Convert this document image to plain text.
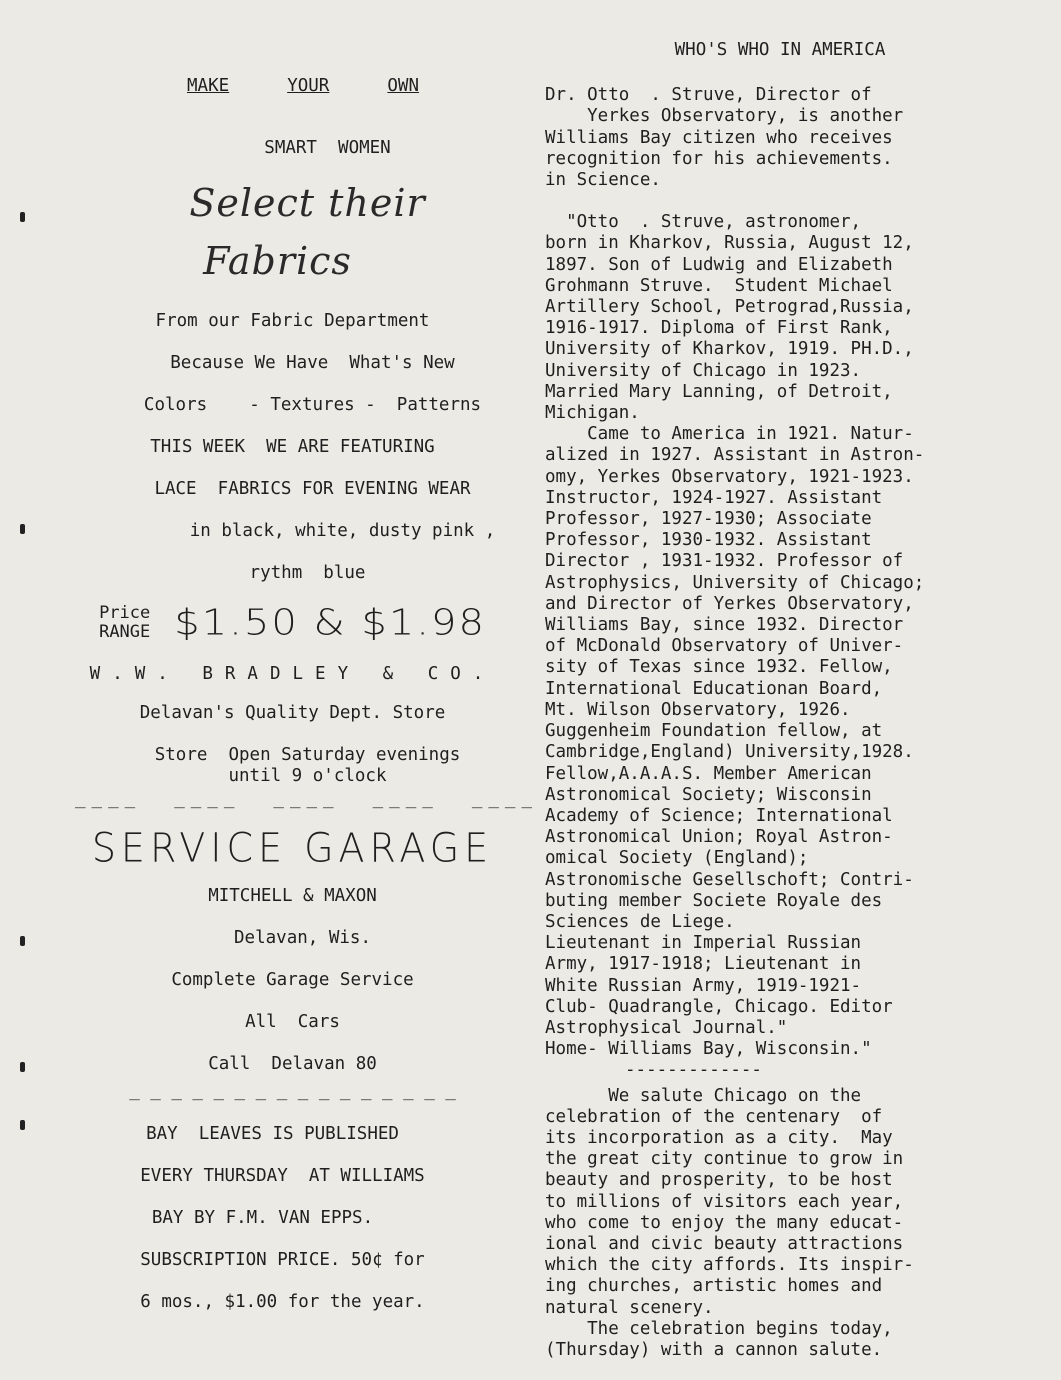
MAKE	YOUR	OWN
SMART  WOMEN
Select their
Fabrics
From our Fabric Department
Because We Have  What's New
Colors    - Textures -  Patterns
THIS WEEK  WE ARE FEATURING
LACE  FABRICS FOR EVENING WEAR
in black, white, dusty pink ,
rythm  blue
Price
RANGE $1.50 & $1.98
W.W. BRADLEY & CO.
Delavan's Quality Dept. Store
Store  Open Saturday evenings
until 9 o'clock
____  ____  ____  ____  ____
SERVICE GARAGE
MITCHELL & MAXON
Delavan, Wis.
Complete Garage Service
All  Cars
Call  Delavan 80
_ _ _ _ _ _ _ _ _ _ _ _ _ _ _ _
BAY  LEAVES IS PUBLISHED
EVERY THURSDAY  AT WILLIAMS
BAY BY F.M. VAN EPPS.
SUBSCRIPTION PRICE. 50¢ for
6 mos., $1.00 for the year.
WHO'S WHO IN AMERICA
Dr. Otto  . Struve, Director of
Yerkes Observatory, is another
Williams Bay citizen who receives
recognition for his achievements.
in Science.
"Otto  . Struve, astronomer,
born in Kharkov, Russia, August 12,
1897. Son of Ludwig and Elizabeth
Grohmann Struve.  Student Michael
Artillery School, Petrograd,Russia,
1916-1917. Diploma of First Rank,
University of Kharkov, 1919. PH.D.,
University of Chicago in 1923.
Married Mary Lanning, of Detroit,
Michigan.
Came to America in 1921. Natur-
alized in 1927. Assistant in Astron-
omy, Yerkes Observatory, 1921-1923.
Instructor, 1924-1927. Assistant
Professor, 1927-1930; Associate
Professor, 1930-1932. Assistant
Director , 1931-1932. Professor of
Astrophysics, University of Chicago;
and Director of Yerkes Observatory,
Williams Bay, since 1932. Director
of McDonald Observatory of Univer-
sity of Texas since 1932. Fellow,
International Educationan Board,
Mt. Wilson Observatory, 1926.
Guggenheim Foundation fellow, at
Cambridge,England) University,1928.
Fellow,A.A.A.S. Member American
Astronomical Society; Wisconsin
Academy of Science; International
Astronomical Union; Royal Astron-
omical Society (England);
Astronomische Gesellschoft; Contri-
buting member Societe Royale des
Sciences de Liege.
Lieutenant in Imperial Russian
Army, 1917-1918; Lieutenant in
White Russian Army, 1919-1921-
Club- Quadrangle, Chicago. Editor
Astrophysical Journal."
Home- Williams Bay, Wisconsin."
-------------
We salute Chicago on the
celebration of the centenary  of
its incorporation as a city.  May
the great city continue to grow in
beauty and prosperity, to be host
to millions of visitors each year,
who come to enjoy the many educat-
ional and civic beauty attractions
which the city affords. Its inspir-
ing churches, artistic homes and
natural scenery.
The celebration begins today,
(Thursday) with a cannon salute.
